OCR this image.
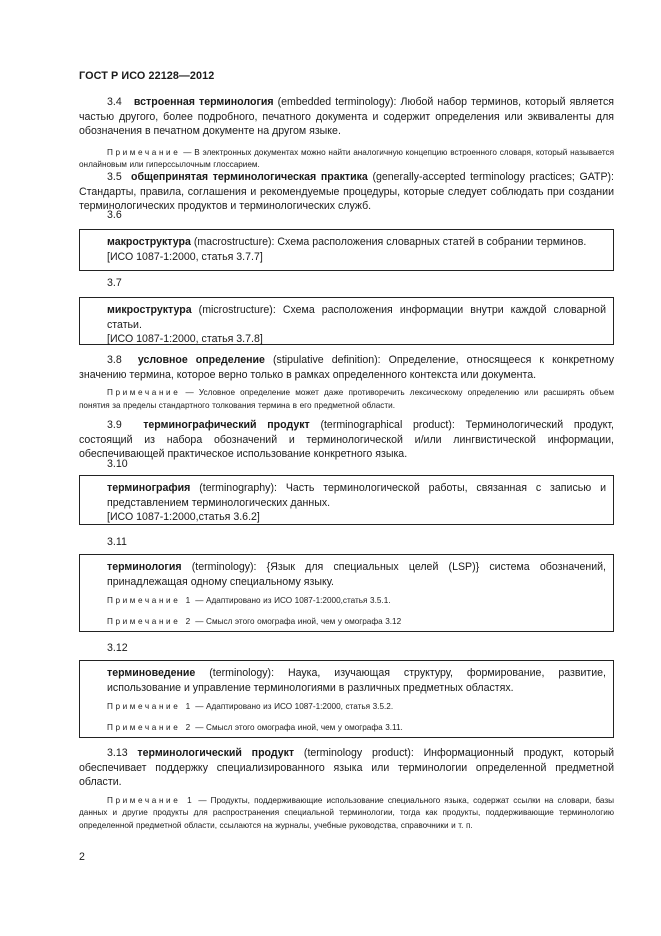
ГОСТ Р ИСО 22128—2012

3.4 встроенная терминология (embedded terminology): Любой набор терминов, который является частью другого, более подробного, печатного документа и содержит определения или эквиваленты для обозначения в печатном документе на другом языке.

Примечание — В электронных документах можно найти аналогичную концепцию встроенного словаря, который называется онлайновым или гиперссылочным глоссарием.

3.5 общепринятая терминологическая практика (generally-accepted terminology practices; GATP): Стандарты, правила, соглашения и рекомендуемые процедуры, которые следует соблюдать при создании терминологических продуктов и терминологических служб.

3.6

макроструктура (macrostructure): Схема расположения словарных статей в собрании терминов.

[ИСО 1087-1:2000, статья 3.7.7]

3.7

микроструктура (microstructure): Схема расположения информации внутри каждой словарной статьи.

[ИСО 1087-1:2000, статья 3.7.8]

3.8 условное определение (stipulative definition): Определение, относящееся к конкретному значению термина, которое верно только в рамках определенного контекста или документа.

Примечание — Условное определение может даже противоречить лексическому определению или расширять объем понятия за пределы стандартного толкования термина в его предметной области.

3.9 терминографический продукт (terminographical product): Терминологический продукт, состоящий из набора обозначений и терминологической и/или лингвистической информации, обеспечивающей практическое использование конкретного языка.

3.10

терминография (terminography): Часть терминологической работы, связанная с записью и представлением терминологических данных.

[ИСО 1087-1:2000,статья 3.6.2]

3.11

терминология (terminology): {Язык для специальных целей (LSP)} система обозначений, принадлежащая одному специальному языку.

Примечание 1 — Адаптировано из ИСО 1087-1:2000,статья 3.5.1.

Примечание 2 — Смысл этого омографа иной, чем у омографа 3.12

3.12

терминоведение (terminology): Наука, изучающая структуру, формирование, развитие, использование и управление терминологиями в различных предметных областях.

Примечание 1 — Адаптировано из ИСО 1087-1:2000, статья 3.5.2.

Примечание 2 — Смысл этого омографа иной, чем у омографа 3.11.

3.13 терминологический продукт (terminology product): Информационный продукт, который обеспечивает поддержку специализированного языка или терминологии определенной предметной области.

Примечание 1 — Продукты, поддерживающие использование специального языка, содержат ссылки на словари, базы данных и другие продукты для распространения специальной терминологии, тогда как продукты, поддерживающие терминологию определенной предметной области, ссылаются на журналы, учебные руководства, справочники и т. п.

2
